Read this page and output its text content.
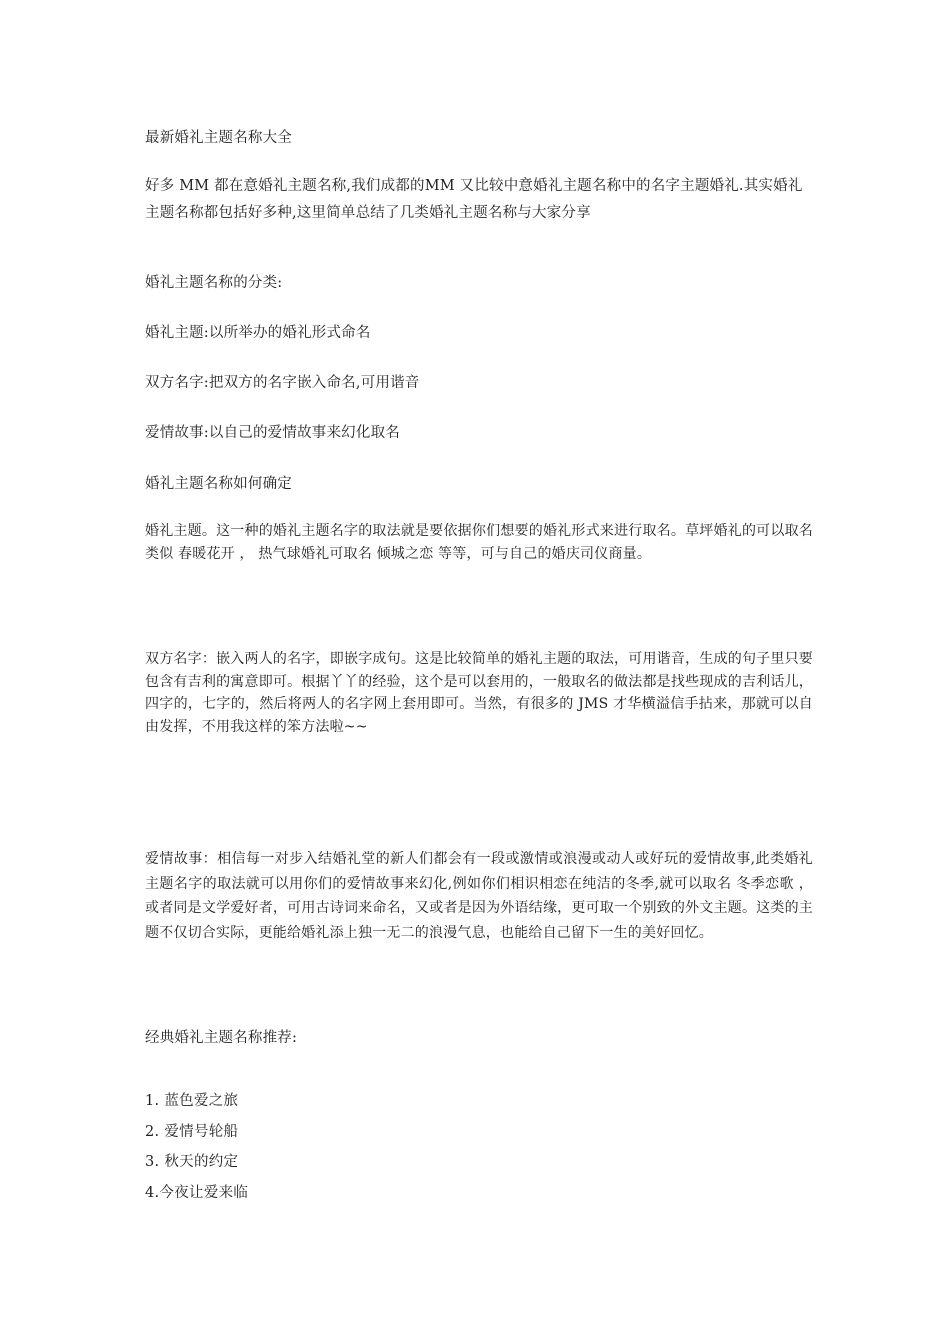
最新婚礼主题名称大全

好多 MM 都在意婚礼主题名称,我们成都的MM 又比较中意婚礼主题名称中的名字主题婚礼.其实婚礼主题名称都包括好多种,这里简单总结了几类婚礼主题名称与大家分享

婚礼主题名称的分类:

婚礼主题:以所举办的婚礼形式命名

双方名字:把双方的名字嵌入命名,可用谐音

爱情故事:以自己的爱情故事来幻化取名

婚礼主题名称如何确定

婚礼主题。这一种的婚礼主题名字的取法就是要依据你们想要的婚礼形式来进行取名。草坪婚礼的可以取名类似 春暖花开 ， 热气球婚礼可取名 倾城之恋 等等，可与自己的婚庆司仪商量。

双方名字：嵌入两人的名字，即嵌字成句。这是比较简单的婚礼主题的取法，可用谐音，生成的句子里只要包含有吉利的寓意即可。根据丫丫的经验，这个是可以套用的，一般取名的做法都是找些现成的吉利话儿，四字的，七字的，然后将两人的名字网上套用即可。当然，有很多的 JMS 才华横溢信手拈来，那就可以自由发挥，不用我这样的笨方法啦~~

爱情故事：相信每一对步入结婚礼堂的新人们都会有一段或激情或浪漫或动人或好玩的爱情故事,此类婚礼主题名字的取法就可以用你们的爱情故事来幻化,例如你们相识相恋在纯洁的冬季,就可以取名 冬季恋歌 ，或者同是文学爱好者，可用古诗词来命名，又或者是因为外语结缘，更可取一个别致的外文主题。这类的主题不仅切合实际，更能给婚礼添上独一无二的浪漫气息，也能给自己留下一生的美好回忆。

经典婚礼主题名称推荐:

1. 蓝色爱之旅
2. 爱情号轮船
3. 秋天的约定
4.今夜让爱来临
